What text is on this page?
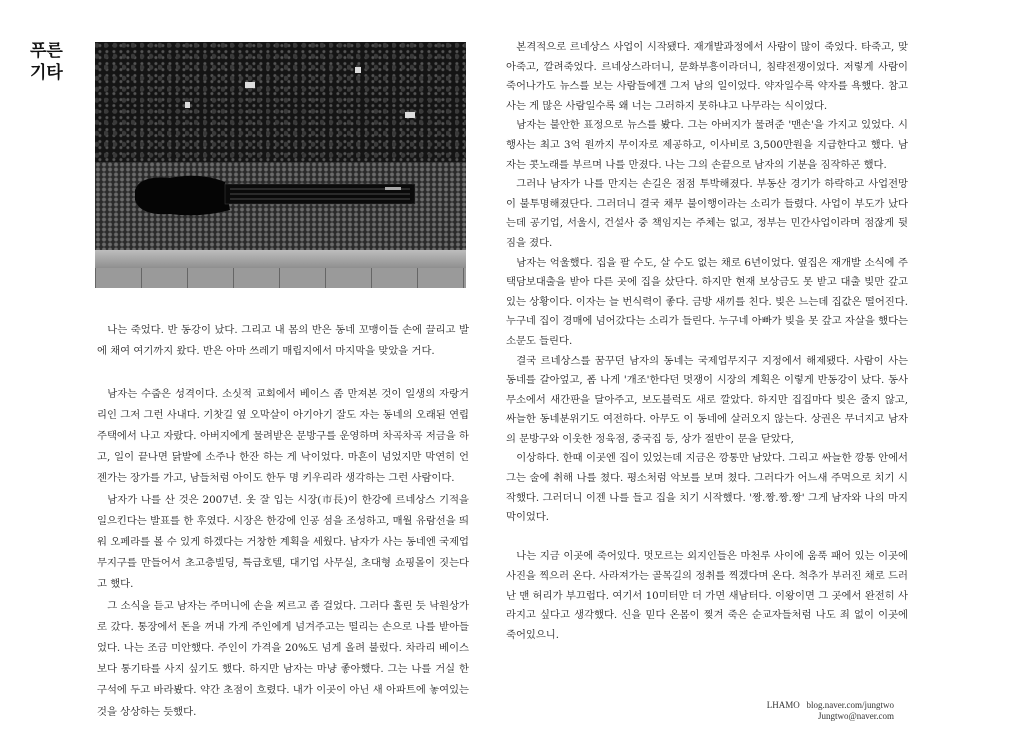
푸른 기타

나는 죽었다. 반 동강이 났다. 그리고 내 몸의 반은 동네 꼬맹이들 손에 끌리고 발에 채여 여기까지 왔다. 반은 아마 쓰레기 매립지에서 마지막을 맞았을 거다.

남자는 수줍은 성격이다. 소싯적 교회에서 베이스 좀 만져본 것이 일생의 자랑거리인 그저 그런 사내다. 기찻길 옆 오막살이 아기아기 잘도 자는 동네의 오래된 연립주택에서 나고 자랐다. 아버지에게 물려받은 문방구를 운영하며 차곡차곡 저금을 하고, 일이 끝나면 닭발에 소주나 한잔 하는 게 낙이었다. 마흔이 넘었지만 막연히 언젠가는 장가를 가고, 남들처럼 아이도 한두 명 키우리라 생각하는 그런 사람이다.

남자가 나를 산 것은 2007년. 옷 잘 입는 시장(市長)이 한강에 르네상스 기적을 일으킨다는 발표를 한 후였다. 시장은 한강에 인공 섬을 조성하고, 매월 유람선을 띄워 오페라를 볼 수 있게 하겠다는 거창한 계획을 세웠다. 남자가 사는 동네엔 국제업무지구를 만들어서 초고층빌딩, 특급호텔, 대기업 사무실, 초대형 쇼핑몰이 짓는다고 했다.

그 소식을 듣고 남자는 주머니에 손을 찌르고 좀 걸었다. 그러다 홀린 듯 낙원상가로 갔다. 통장에서 돈을 꺼내 가게 주인에게 넘겨주고는 떨리는 손으로 나를 받아들었다. 나는 조금 미안했다. 주인이 가격을 20%도 넘게 올려 불렀다. 차라리 베이스 보다 통기타를 사지 싶기도 했다. 하지만 남자는 마냥 좋아했다. 그는 나를 거실 한구석에 두고 바라봤다. 약간 초점이 흐렸다. 내가 이곳이 아닌 새 아파트에 놓여있는 것을 상상하는 듯했다.

본격적으로 르네상스 사업이 시작됐다. 재개발과정에서 사람이 많이 죽었다. 타죽고, 맞아죽고, 깔려죽었다. 르네상스라더니, 문화부흥이라더니, 침략전쟁이었다. 저렇게 사람이 죽어나가도 뉴스를 보는 사람들에겐 그저 남의 일이었다. 약자일수록 약자를 욕했다. 참고 사는 게 많은 사람일수록 왜 너는 그러하지 못하냐고 나무라는 식이었다.

남자는 불안한 표정으로 뉴스를 봤다. 그는 아버지가 물려준 '맨손'을 가지고 있었다. 시행사는 최고 3억 원까지 무이자로 제공하고, 이사비로 3,500만원을 지급한다고 했다. 남자는 콧노래를 부르며 나를 만졌다. 나는 그의 손끝으로 남자의 기분을 짐작하곤 했다.

그러나 남자가 나를 만지는 손길은 점점 투박해졌다. 부동산 경기가 하락하고 사업전망이 불투명해졌단다. 그러더니 결국 채무 불이행이라는 소리가 들렸다. 사업이 부도가 났다는데 공기업, 서울시, 건설사 중 책임지는 주체는 없고, 정부는 민간사업이라며 점잖게 뒷짐을 졌다.

남자는 억울했다. 집을 팔 수도, 살 수도 없는 채로 6년이었다. 옆집은 재개발 소식에 주택담보대출을 받아 다른 곳에 집을 샀단다. 하지만 현재 보상금도 못 받고 대출 빚만 갚고 있는 상황이다. 이자는 늘 번식력이 좋다. 금방 새끼를 친다. 빚은 느는데 집값은 떨어진다. 누구네 집이 경매에 넘어갔다는 소리가 들린다. 누구네 아빠가 빚을 못 갚고 자살을 했다는 소문도 들린다.

결국 르네상스를 꿈꾸던 남자의 동네는 국제업무지구 지정에서 해제됐다. 사람이 사는 동네를 갈아엎고, 폼 나게 '개조'한다던 멋쟁이 시장의 계획은 이렇게 반동강이 났다. 동사무소에서 새간판을 달아주고, 보도블럭도 새로 깔았다. 하지만 집집마다 빚은 줄지 않고, 싸늘한 동네분위기도 여전하다. 아무도 이 동네에 살러오지 않는다. 상권은 무너지고 남자의 문방구와 이웃한 정육점, 중국집 등, 상가 절반이 문을 닫았다,

이상하다. 한때 이곳엔 집이 있었는데 지금은 깡통만 남았다. 그리고 싸늘한 깡통 안에서 그는 술에 취해 나를 쳤다. 평소처럼 악보를 보며 쳤다. 그러다가 어느새 주먹으로 치기 시작했다. 그러더니 이젠 나를 들고 집을 치기 시작했다. '짱.짱.짱.짱' 그게 남자와 나의 마지막이었다.

나는 지금 이곳에 죽어있다. 멋모르는 외지인들은 마천루 사이에 움푹 패어 있는 이곳에 사진을 찍으러 온다. 사라져가는 골목길의 정취를 찍겠다며 온다. 척추가 부러진 채로 드러난 맨 허리가 부끄럽다. 여기서 10미터만 더 가면 새남터다. 이왕이면 그 곳에서 완전히 사라지고 싶다고 생각했다. 신을 믿다 온몸이 찢겨 죽은 순교자들처럼 나도 죄 없이 이곳에 죽어있으니.

LHAMO blog.naver.com/jungtwo
Jungtwo@naver.com
